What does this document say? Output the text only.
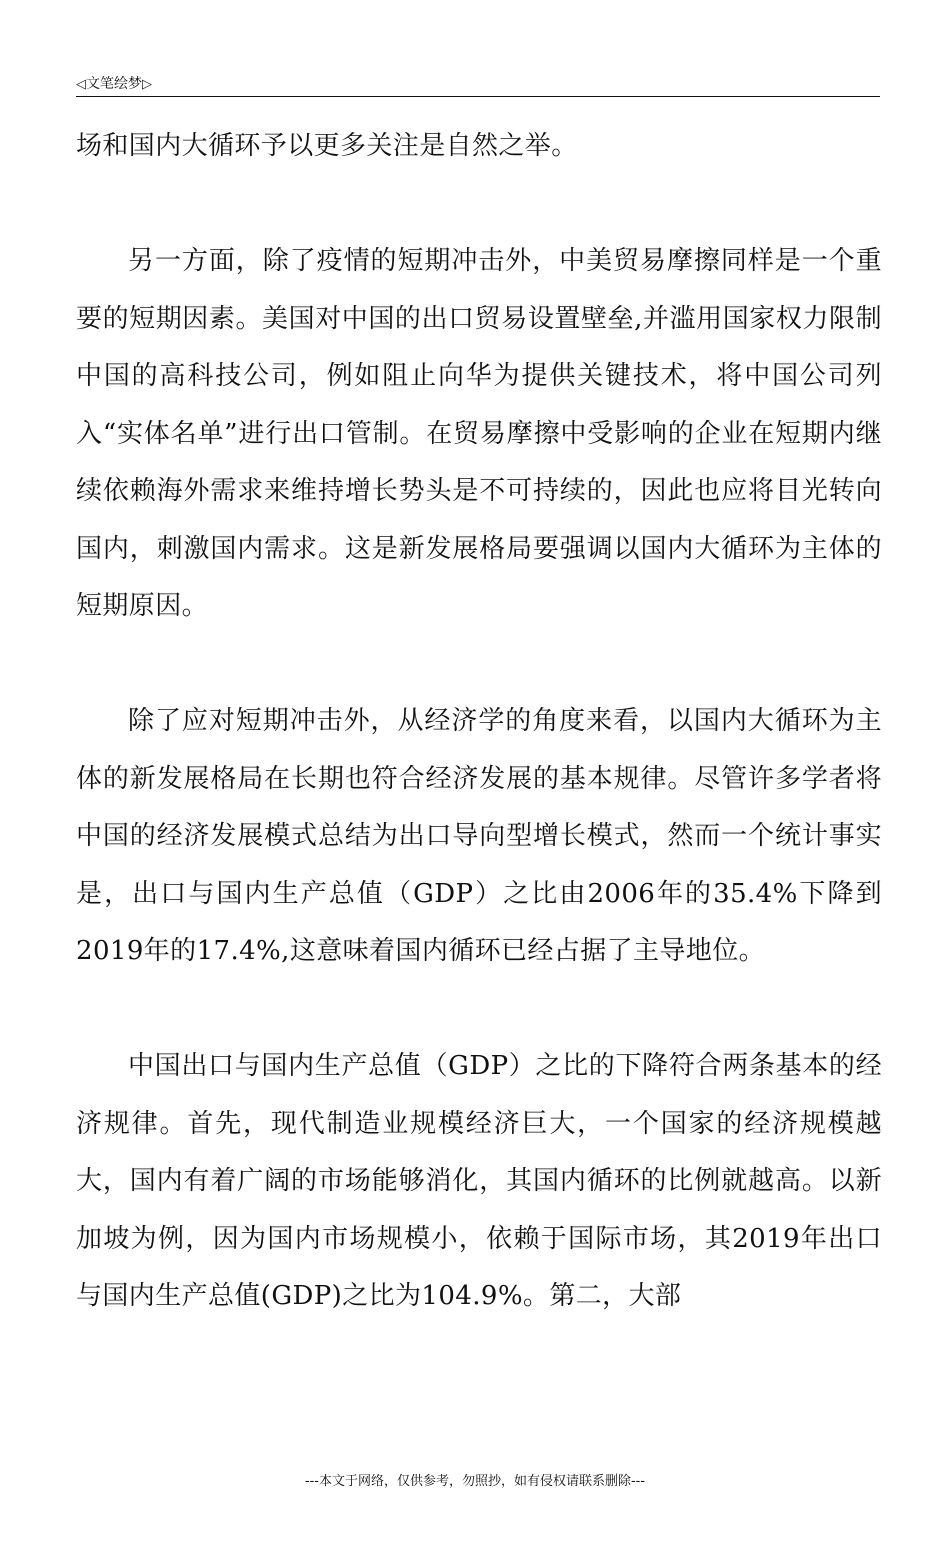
◁文笔绘梦▷

场和国内大循环予以更多关注是自然之举。

另一方面，除了疫情的短期冲击外，中美贸易摩擦同样是一个重要的短期因素。美国对中国的出口贸易设置壁垒,并滥用国家权力限制中国的高科技公司，例如阻止向华为提供关键技术，将中国公司列入“实体名单”进行出口管制。在贸易摩擦中受影响的企业在短期内继续依赖海外需求来维持增长势头是不可持续的，因此也应将目光转向国内，刺激国内需求。这是新发展格局要强调以国内大循环为主体的短期原因。

除了应对短期冲击外，从经济学的角度来看，以国内大循环为主体的新发展格局在长期也符合经济发展的基本规律。尽管许多学者将中国的经济发展模式总结为出口导向型增长模式，然而一个统计事实是，出口与国内生产总值（GDP）之比由2006年的35.4%下降到2019年的17.4%,这意味着国内循环已经占据了主导地位。

中国出口与国内生产总值（GDP）之比的下降符合两条基本的经济规律。首先，现代制造业规模经济巨大，一个国家的经济规模越大，国内有着广阔的市场能够消化，其国内循环的比例就越高。以新加坡为例，因为国内市场规模小，依赖于国际市场，其2019年出口与国内生产总值(GDP)之比为104.9%。第二，大部

---本文于网络，仅供参考，勿照抄，如有侵权请联系删除---
